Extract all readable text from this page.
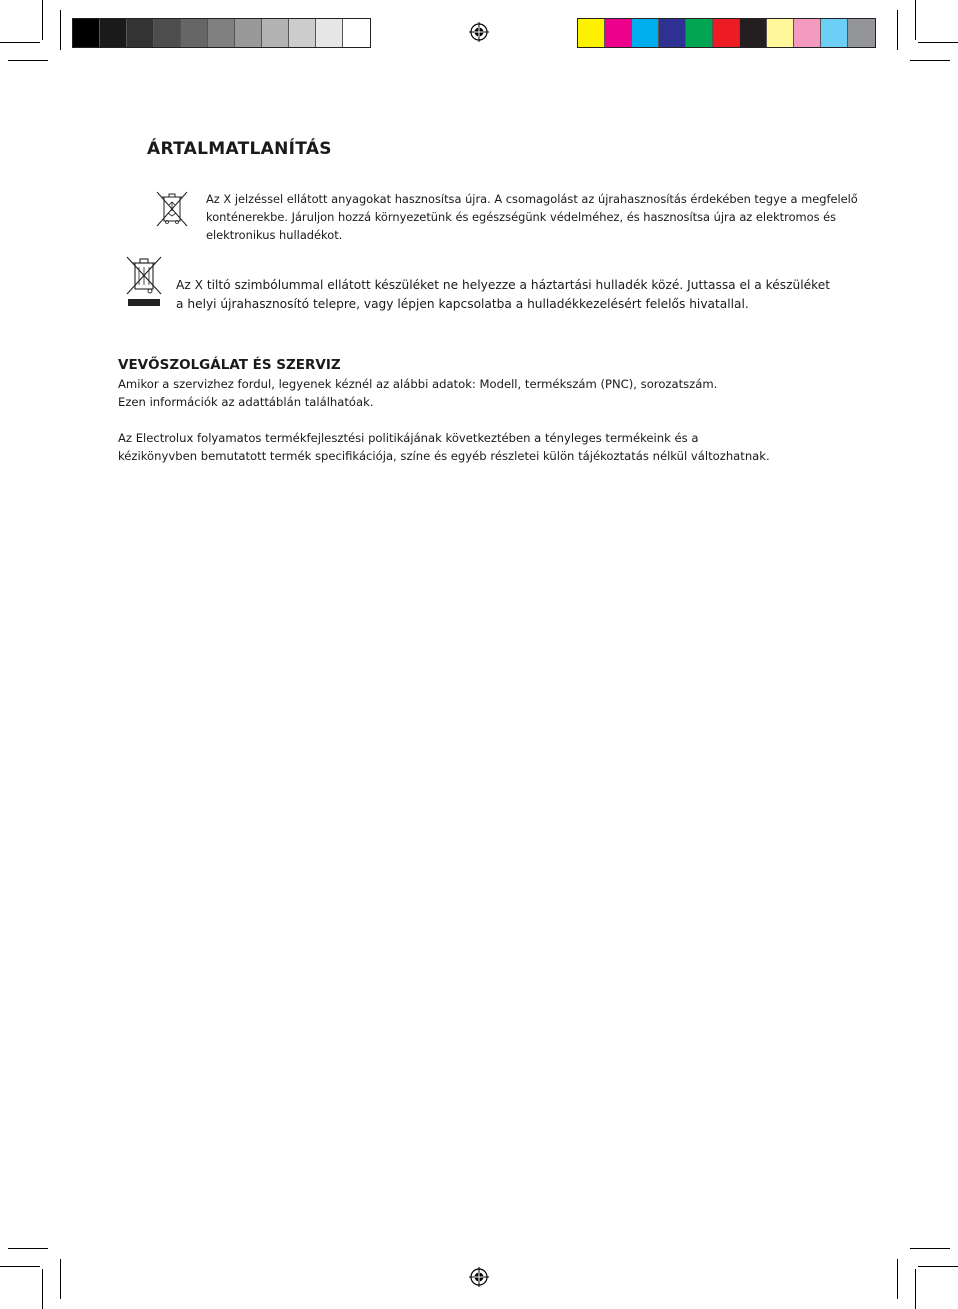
ÁRTALMATLANÍTÁS

Az X jelzéssel ellátott anyagokat hasznosítsa újra. A csomagolást az újrahasznosítás érdekében tegye a megfelelő

konténerekbe. Járuljon hozzá környezetünk és egészségünk védelméhez, és hasznosítsa újra az elektromos és

elektronikus hulladékot.

Az X tiltó szimbólummal ellátott készüléket ne helyezze a háztartási hulladék közé. Juttassa el a készüléket

a helyi újrahasznosító telepre, vagy lépjen kapcsolatba a hulladékkezelésért felelős hivatallal.

VEVŐSZOLGÁLAT ÉS SZERVIZ

Amikor a szervizhez fordul, legyenek kéznél az alábbi adatok: Modell, termékszám (PNC), sorozatszám.

Ezen információk az adattáblán találhatóak.

Az Electrolux folyamatos termékfejlesztési politikájának következtében a tényleges termékeink és a

kézikönyvben bemutatott termék specifikációja, színe és egyéb részletei külön tájékoztatás nélkül változhatnak.
